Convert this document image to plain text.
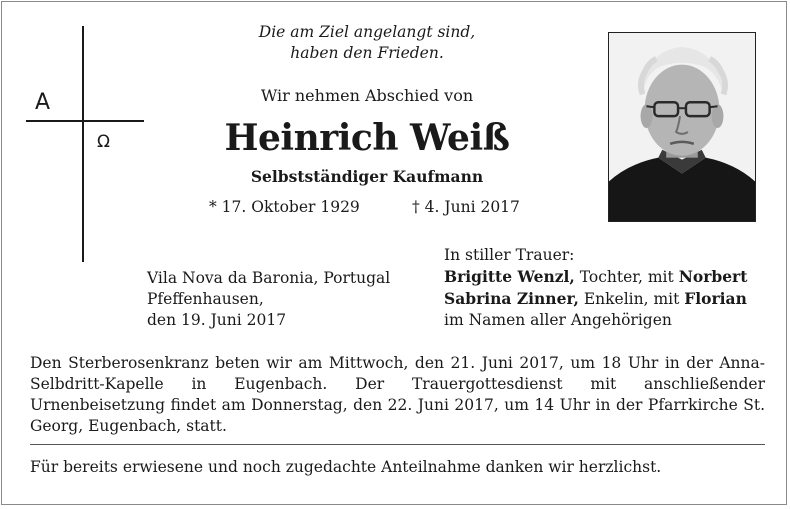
A
Ω
Die am Ziel angelangt sind,
haben den Frieden.
Wir nehmen Abschied von
Heinrich Weiß
Selbstständiger Kaufmann
* 17. Oktober 1929	† 4. Juni 2017
Vila Nova da Baronia, Portugal
Pfeffenhausen,
den 19. Juni 2017
In stiller Trauer:
Brigitte Wenzl, Tochter, mit Norbert
Sabrina Zinner, Enkelin, mit Florian
im Namen aller Angehörigen

Den Sterberosenkranz beten wir am Mittwoch, den 21. Juni 2017, um 18 Uhr in der Anna-Selbdritt-Kapelle in Eugenbach. Der Trauergottesdienst mit anschließender Urnenbeisetzung findet am Donnerstag, den 22. Juni 2017, um 14 Uhr in der Pfarrkirche St. Georg, Eugenbach, statt.

Für bereits erwiesene und noch zugedachte Anteilnahme danken wir herzlichst.
